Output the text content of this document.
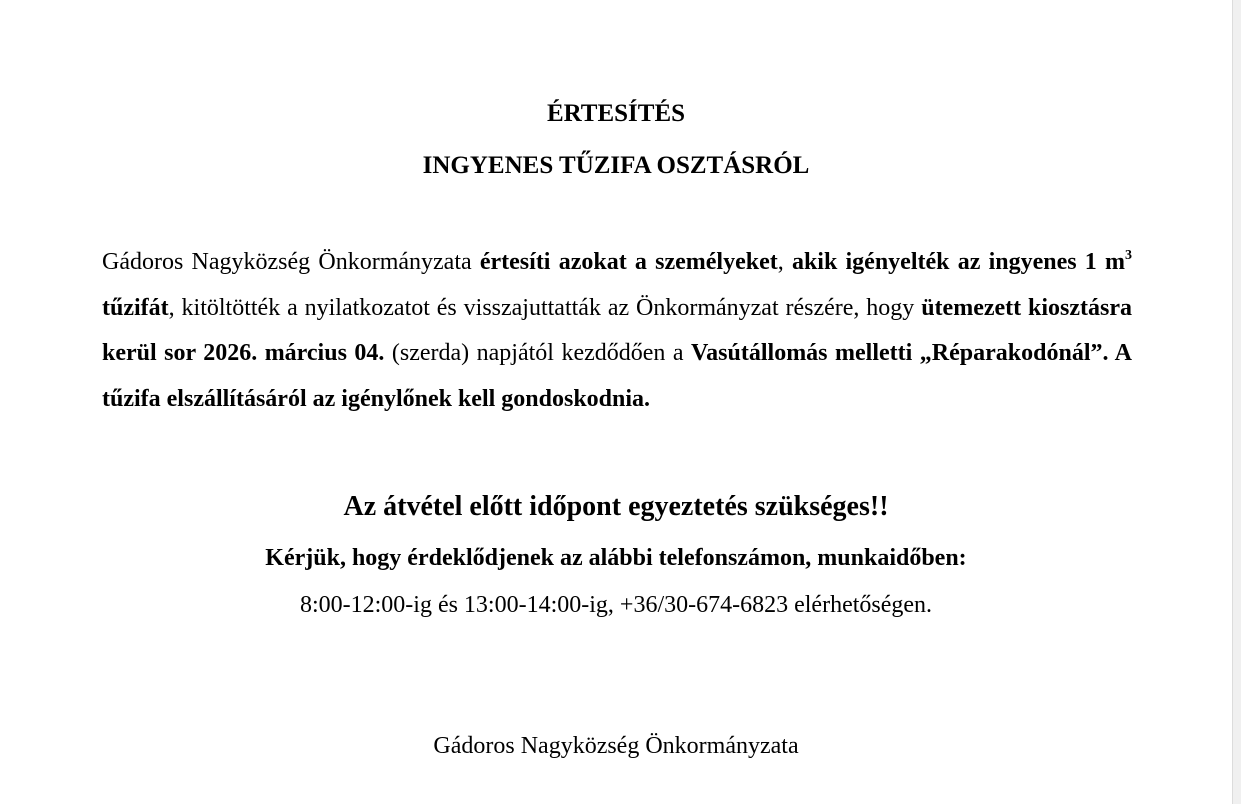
ÉRTESÍTÉS
INGYENES TŰZIFA OSZTÁSRÓL
Gádoros Nagyközség Önkormányzata értesíti azokat a személyeket, akik igényelték az ingyenes 1 $m^3$ tűzifát, kitöltötték a nyilatkozatot és visszajuttatták az Önkormányzat részére, hogy ütemezett kiosztásra kerül sor 2026. március 04. (szerda) napjától kezdődően a Vasútállomás melletti „Réparakodónál”. A tűzifa elszállításáról az igénylőnek kell gondoskodnia.
Az átvétel előtt időpont egyeztetés szükséges!!
Kérjük, hogy érdeklődjenek az alábbi telefonszámon, munkaidőben:
8:00-12:00-ig és 13:00-14:00-ig, +36/30-674-6823 elérhetőségen.
Gádoros Nagyközség Önkormányzata
